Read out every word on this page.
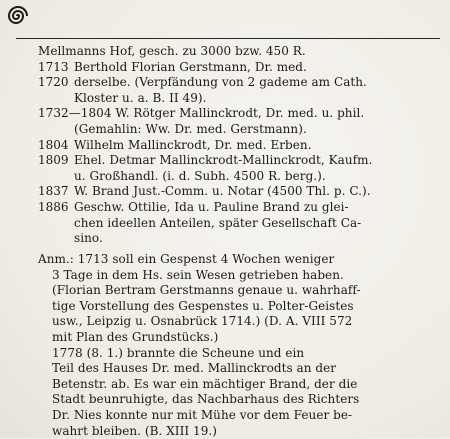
Mellmanns Hof, gesch. zu 3000 bzw. 450 R.
1713 Berthold Florian Gerstmann, Dr. med.
1720 derselbe. (Verpfändung von 2 gademe am Cath.
Kloster u. a. B. II 49).
1732—1804 W. Rötger Mallinckrodt, Dr. med. u. phil.
(Gemahlin: Ww. Dr. med. Gerstmann).
1804 Wilhelm Mallinckrodt, Dr. med. Erben.
1809 Ehel. Detmar Mallinckrodt-Mallinckrodt, Kaufm.
u. Großhandl. (i. d. Subh. 4500 R. berg.).
1837 W. Brand Just.-Comm. u. Notar (4500 Thl. p. C.).
1886 Geschw. Ottilie, Ida u. Pauline Brand zu glei-
chen ideellen Anteilen, später Gesellschaft Ca-
sino.
Anm.: 1713 soll ein Gespenst 4 Wochen weniger
3 Tage in dem Hs. sein Wesen getrieben haben.
(Florian Bertram Gerstmanns genaue u. wahrhaff-
tige Vorstellung des Gespenstes u. Polter-Geistes
usw., Leipzig u. Osnabrück 1714.) (D. A. VIII 572
mit Plan des Grundstücks.)
1778 (8. 1.) brannte die Scheune und ein
Teil des Hauses Dr. med. Mallinckrodts an der
Betenstr. ab. Es war ein mächtiger Brand, der die
Stadt beunruhigte, das Nachbarhaus des Richters
Dr. Nies konnte nur mit Mühe vor dem Feuer be-
wahrt bleiben. (B. XIII 19.)
